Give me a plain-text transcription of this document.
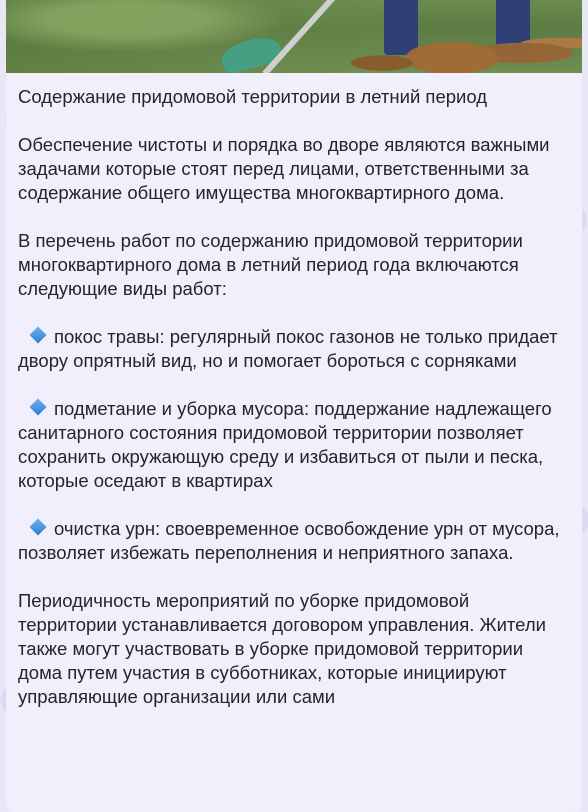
Содержание придомовой территории в летний период

Обеспечение чистоты и порядка во дворе являются важными задачами которые стоят перед лицами, ответственными за содержание общего имущества многоквартирного дома.

В перечень работ по содержанию придомовой территории многоквартирного дома в летний период года включаются следующие виды работ:

покос травы: регулярный покос газонов не только придает двору опрятный вид, но и помогает бороться с сорняками

подметание и уборка мусора: поддержание надлежащего санитарного состояния придомовой территории позволяет сохранить окружающую среду и избавиться от пыли и песка, которые оседают в квартирах

очистка урн: своевременное освобождение урн от мусора, позволяет избежать переполнения и неприятного запаха.

Периодичность мероприятий по уборке придомовой территории устанавливается договором управления. Жители также могут участвовать в уборке придомовой территории дома путем участия в субботниках, которые инициируют управляющие организации или сами
